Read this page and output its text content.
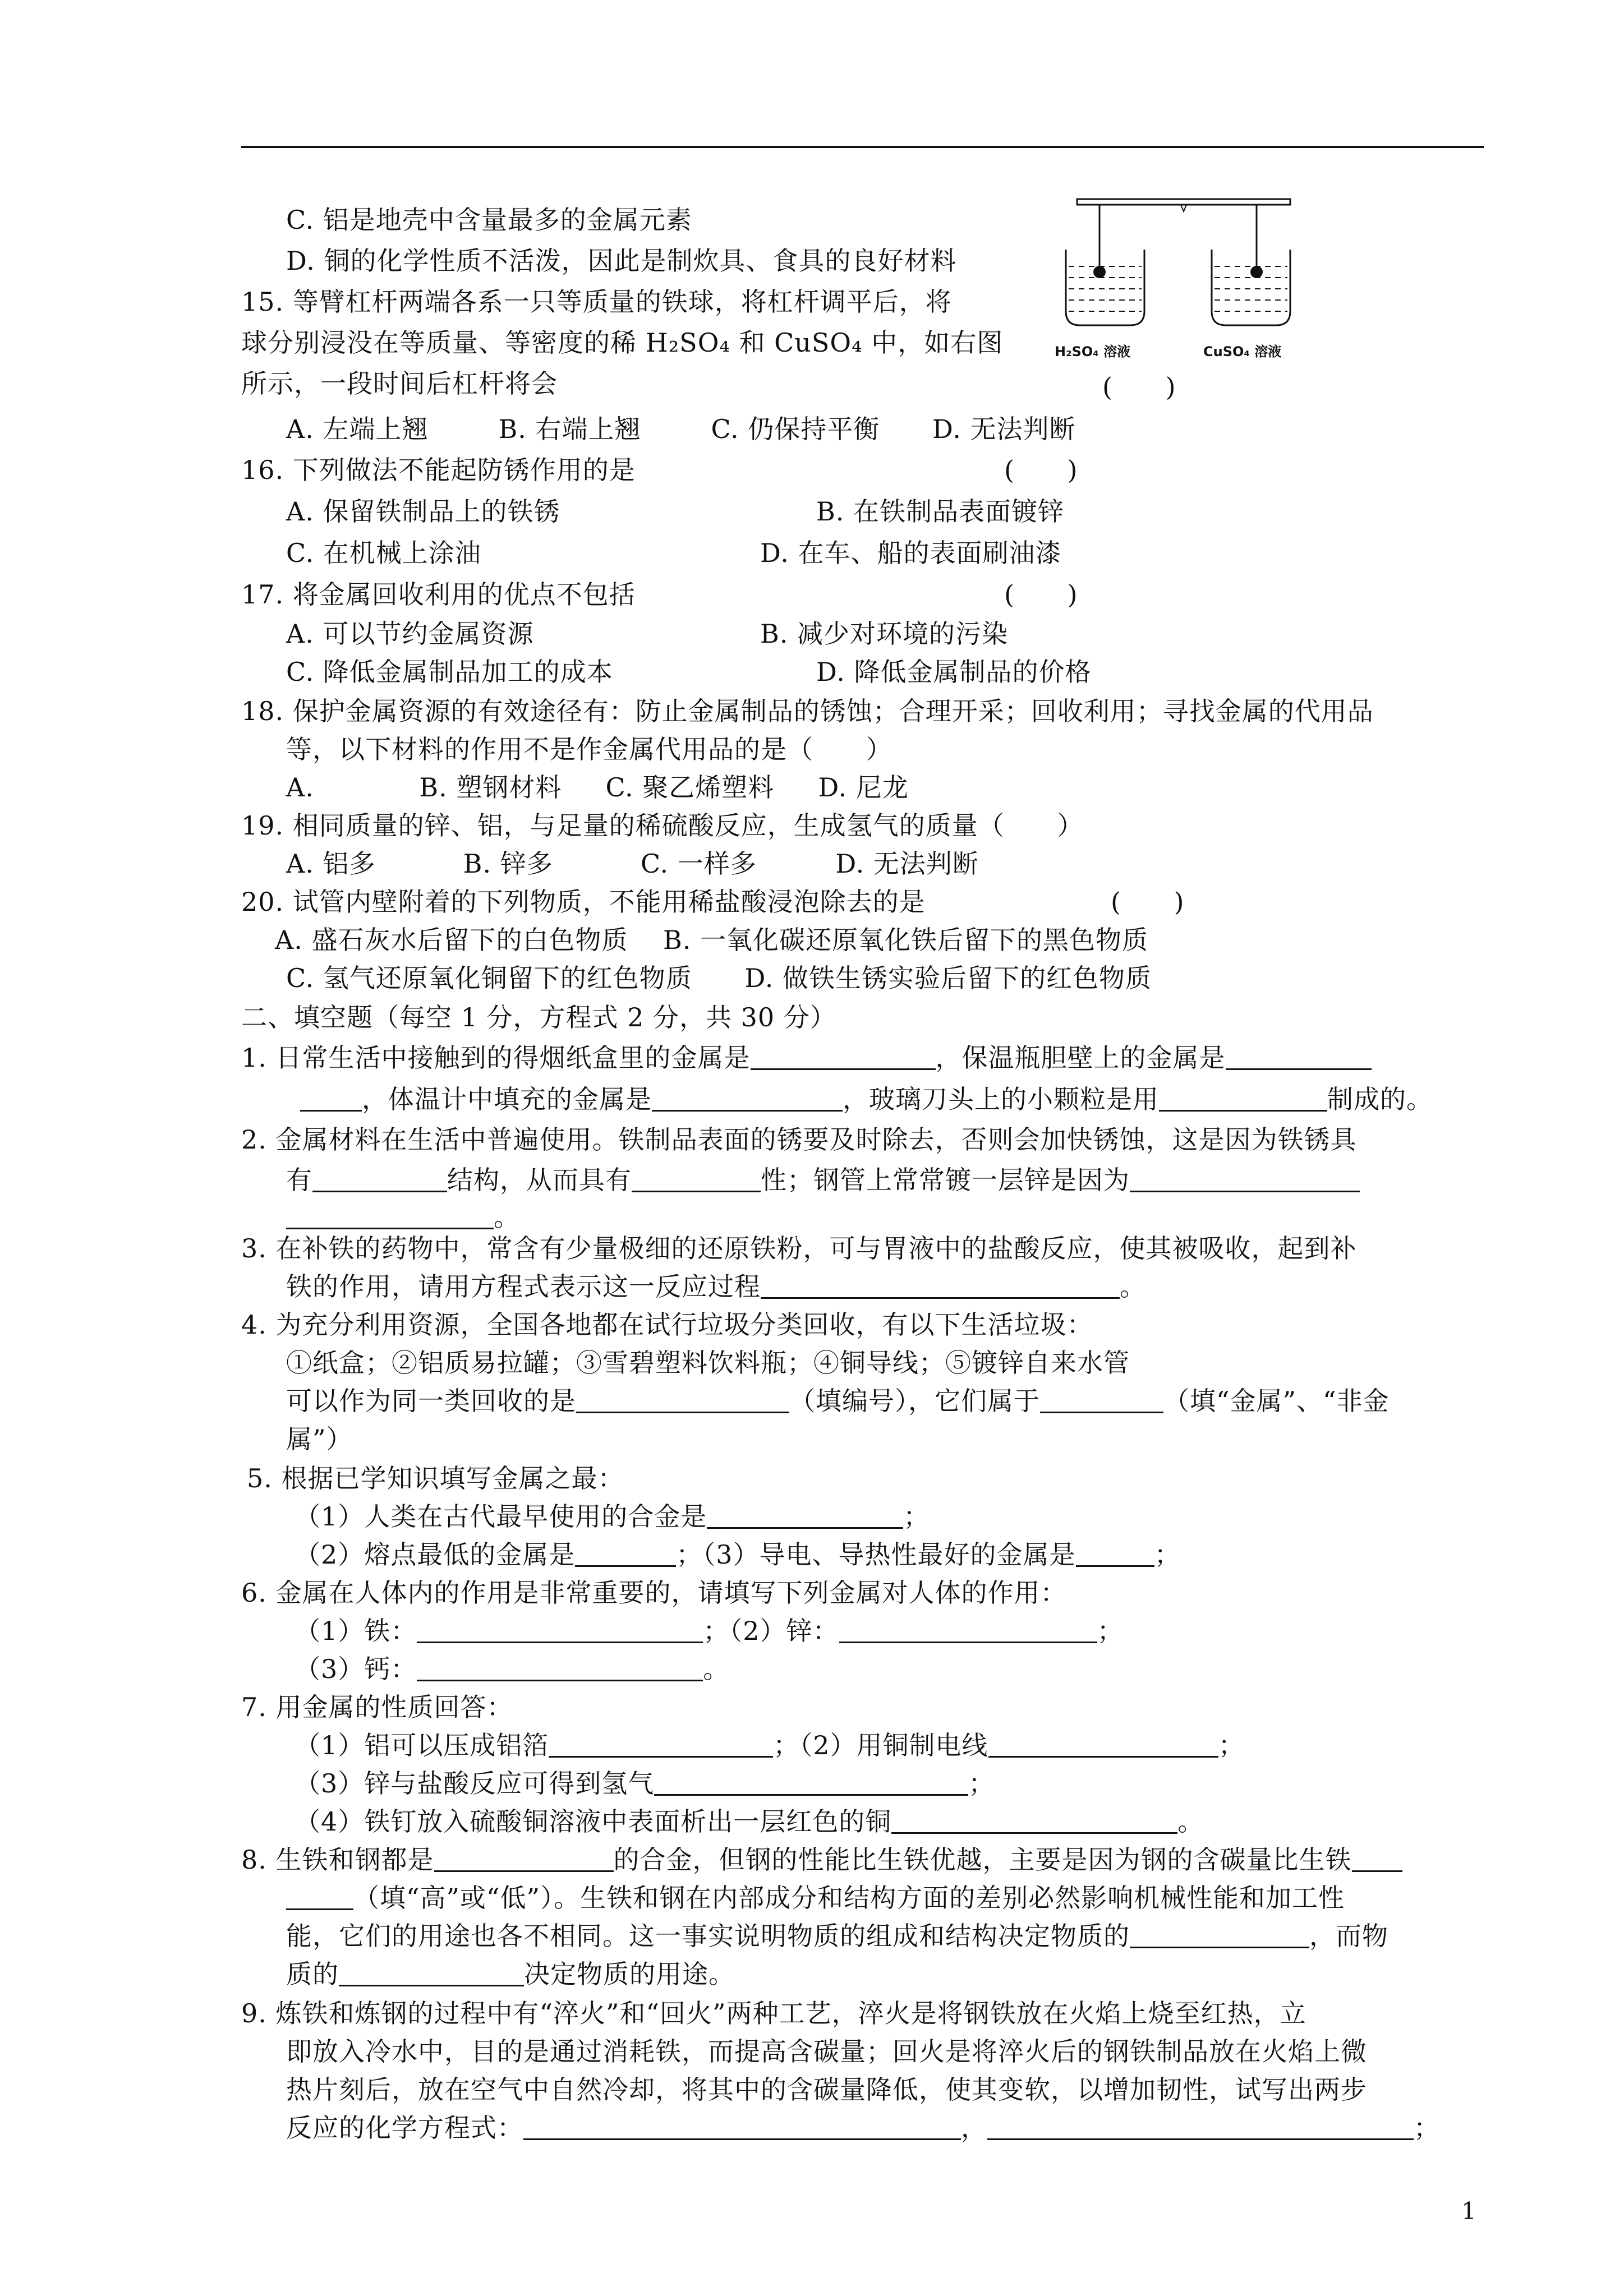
C. 铝是地壳中含量最多的金属元素
D. 铜的化学性质不活泼，因此是制炊具、食具的良好材料
15. 等臂杠杆两端各系一只等质量的铁球，将杠杆调平后，将
球分别浸没在等质量、等密度的稀 H₂SO₄ 和 CuSO₄ 中，如右图
所示，一段时间后杠杆将会	(      )
A. 左端上翘        B. 右端上翘        C. 仍保持平衡      D. 无法判断
H₂SO₄ 溶液	CuSO₄ 溶液
16. 下列做法不能起防锈作用的是	(      )
A. 保留铁制品上的铁锈	B. 在铁制品表面镀锌
C. 在机械上涂油	D. 在车、船的表面刷油漆
17. 将金属回收利用的优点不包括	(      )
A. 可以节约金属资源	B. 减少对环境的污染
C. 降低金属制品加工的成本	D. 降低金属制品的价格
18. 保护金属资源的有效途径有：防止金属制品的锈蚀；合理开采；回收利用；寻找金属的代用品
等，以下材料的作用不是作金属代用品的是（      ）
A.            B. 塑钢材料     C. 聚乙烯塑料     D. 尼龙
19. 相同质量的锌、铝，与足量的稀硫酸反应，生成氢气的质量（      ）
A. 铝多          B. 锌多          C. 一样多         D. 无法判断
20. 试管内壁附着的下列物质，不能用稀盐酸浸泡除去的是	(      )
A. 盛石灰水后留下的白色物质    B. 一氧化碳还原氧化铁后留下的黑色物质
C. 氢气还原氧化铜留下的红色物质      D. 做铁生锈实验后留下的红色物质
二、填空题（每空 1 分，方程式 2 分，共 30 分）
1. 日常生活中接触到的得烟纸盒里的金属是	，保温瓶胆壁上的金属是
，体温计中填充的金属是	，玻璃刀头上的小颗粒是用	制成的。
2. 金属材料在生活中普遍使用。铁制品表面的锈要及时除去，否则会加快锈蚀，这是因为铁锈具
有	结构，从而具有	性；钢管上常常镀一层锌是因为
。
3. 在补铁的药物中，常含有少量极细的还原铁粉，可与胃液中的盐酸反应，使其被吸收，起到补
铁的作用，请用方程式表示这一反应过程	。
4. 为充分利用资源，全国各地都在试行垃圾分类回收，有以下生活垃圾：
①纸盒；②铝质易拉罐；③雪碧塑料饮料瓶；④铜导线；⑤镀锌自来水管
可以作为同一类回收的是	（填编号），它们属于	（填“金属”、“非金
属”）
5. 根据已学知识填写金属之最：
（1）人类在古代最早使用的合金是	；
（2）熔点最低的金属是	；（3）导电、导热性最好的金属是	；
6. 金属在人体内的作用是非常重要的，请填写下列金属对人体的作用：
（1）铁：	；（2）锌：	；
（3）钙：	。
7. 用金属的性质回答：
（1）铝可以压成铝箔	；（2）用铜制电线	；
（3）锌与盐酸反应可得到氢气	；
（4）铁钉放入硫酸铜溶液中表面析出一层红色的铜	。
8. 生铁和钢都是	的合金，但钢的性能比生铁优越，主要是因为钢的含碳量比生铁
（填“高”或“低”）。生铁和钢在内部成分和结构方面的差别必然影响机械性能和加工性
能，它们的用途也各不相同。这一事实说明物质的组成和结构决定物质的	，而物
质的	决定物质的用途。
9. 炼铁和炼钢的过程中有“淬火”和“回火”两种工艺，淬火是将钢铁放在火焰上烧至红热，立
即放入冷水中，目的是通过消耗铁，而提高含碳量；回火是将淬火后的钢铁制品放在火焰上微
热片刻后，放在空气中自然冷却，将其中的含碳量降低，使其变软，以增加韧性，试写出两步
反应的化学方程式：	，	；
1
